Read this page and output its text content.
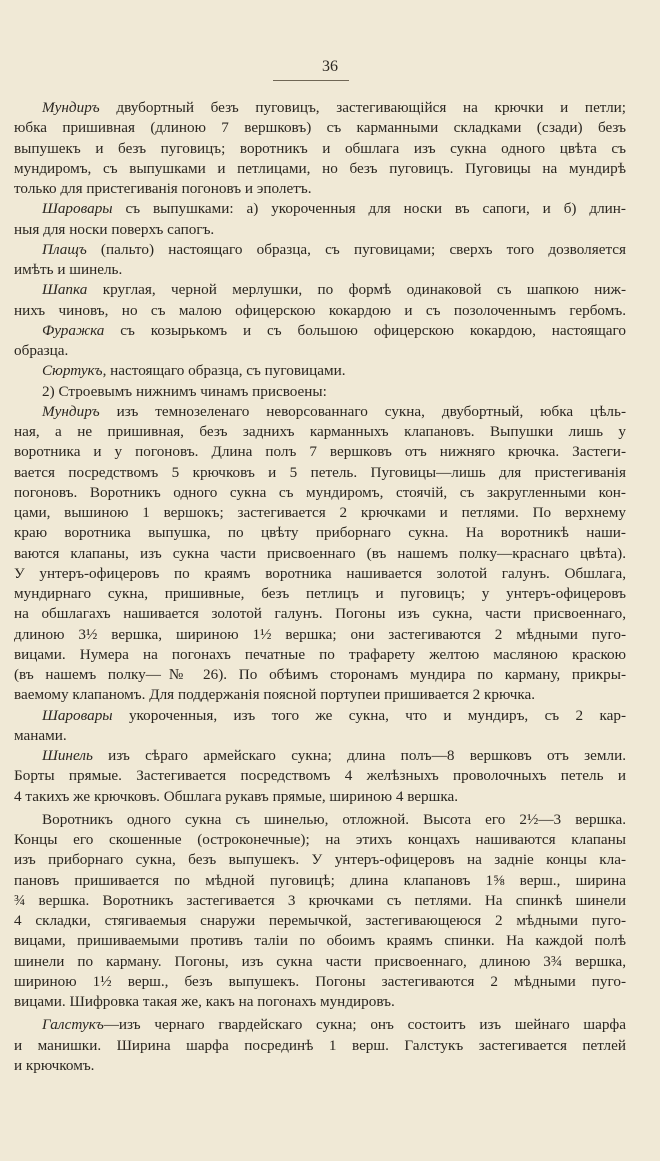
36
Мундиръ двубортный безъ пуговицъ, застегивающійся на крючки и петли;
юбка пришивная (длиною 7 вершковъ) съ карманными складками (сзади) безъ
выпушекъ и безъ пуговицъ; воротникъ и обшлага изъ сукна одного цвѣта съ
мундиромъ, съ выпушками и петлицами, но безъ пуговицъ. Пуговицы на мундирѣ
только для пристегиванія погоновъ и эполетъ.
Шаровары съ выпушками: а) укороченныя для носки въ сапоги, и б) длин-
ныя для носки поверхъ сапогъ.
Плащъ (пальто) настоящаго образца, съ пуговицами; сверхъ того дозволяется
имѣть и шинель.
Шапка круглая, черной мерлушки, по формѣ одинаковой съ шапкою ниж-
нихъ чиновъ, но съ малою офицерскою кокардою и съ позолоченнымъ гербомъ.
Фуражка съ козырькомъ и съ большою офицерскою кокардою, настоящаго
образца.
Сюртукъ, настоящаго образца, съ пуговицами.
2) Строевымъ нижнимъ чинамъ присвоены:
Мундиръ изъ темнозеленаго неворсованнаго сукна, двубортный, юбка цѣль-
ная, а не пришивная, безъ заднихъ карманныхъ клапановъ. Выпушки лишь у
воротника и у погоновъ. Длина полъ 7 вершковъ отъ нижняго крючка. Застеги-
вается посредствомъ 5 крючковъ и 5 петель. Пуговицы—лишь для пристегиванія
погоновъ. Воротникъ одного сукна съ мундиромъ, стоячій, съ закругленными кон-
цами, вышиною 1 вершокъ; застегивается 2 крючками и петлями. По верхнему
краю воротника выпушка, по цвѣту приборнаго сукна. На воротникѣ наши-
ваются клапаны, изъ сукна части присвоеннаго (въ нашемъ полку—краснаго цвѣта).
У унтеръ-офицеровъ по краямъ воротника нашивается золотой галунъ. Обшлага,
мундирнаго сукна, пришивные, безъ петлицъ и пуговицъ; у унтеръ-офицеровъ
на обшлагахъ нашивается золотой галунъ. Погоны изъ сукна, части присвоеннаго,
длиною 3½ вершка, шириною 1½ вершка; они застегиваются 2 мѣдными пуго-
вицами. Нумера на погонахъ печатные по трафарету желтою масляною краскою
(въ нашемъ полку—№ 26). По обѣимъ сторонамъ мундира по карману, прикры-
ваемому клапаномъ. Для поддержанія поясной портупеи пришивается 2 крючка.
Шаровары укороченныя, изъ того же сукна, что и мундиръ, съ 2 кар-
манами.
Шинель изъ сѣраго армейскаго сукна; длина полъ—8 вершковъ отъ земли.
Борты прямые. Застегивается посредствомъ 4 желѣзныхъ проволочныхъ петель и
4 такихъ же крючковъ. Обшлага рукавъ прямые, шириною 4 вершка.
Воротникъ одного сукна съ шинелью, отложной. Высота его 2½—3 вершка.
Концы его скошенные (остроконечные); на этихъ концахъ нашиваются клапаны
изъ приборнаго сукна, безъ выпушекъ. У унтеръ-офицеровъ на задніе концы кла-
пановъ пришивается по мѣдной пуговицѣ; длина клапановъ 1⅝ верш., ширина
¾ вершка. Воротникъ застегивается 3 крючками съ петлями. На спинкѣ шинели
4 складки, стягиваемыя снаружи перемычкой, застегивающеюся 2 мѣдными пуго-
вицами, пришиваемыми противъ таліи по обоимъ краямъ спинки. На каждой полѣ
шинели по карману. Погоны, изъ сукна части присвоеннаго, длиною 3¾ вершка,
шириною 1½ верш., безъ выпушекъ. Погоны застегиваются 2 мѣдными пуго-
вицами. Шифровка такая же, какъ на погонахъ мундировъ.
Галстукъ—изъ чернаго гвардейскаго сукна; онъ состоитъ изъ шейнаго шарфа
и манишки. Ширина шарфа посрединѣ 1 верш. Галстукъ застегивается петлей
и крючкомъ.
